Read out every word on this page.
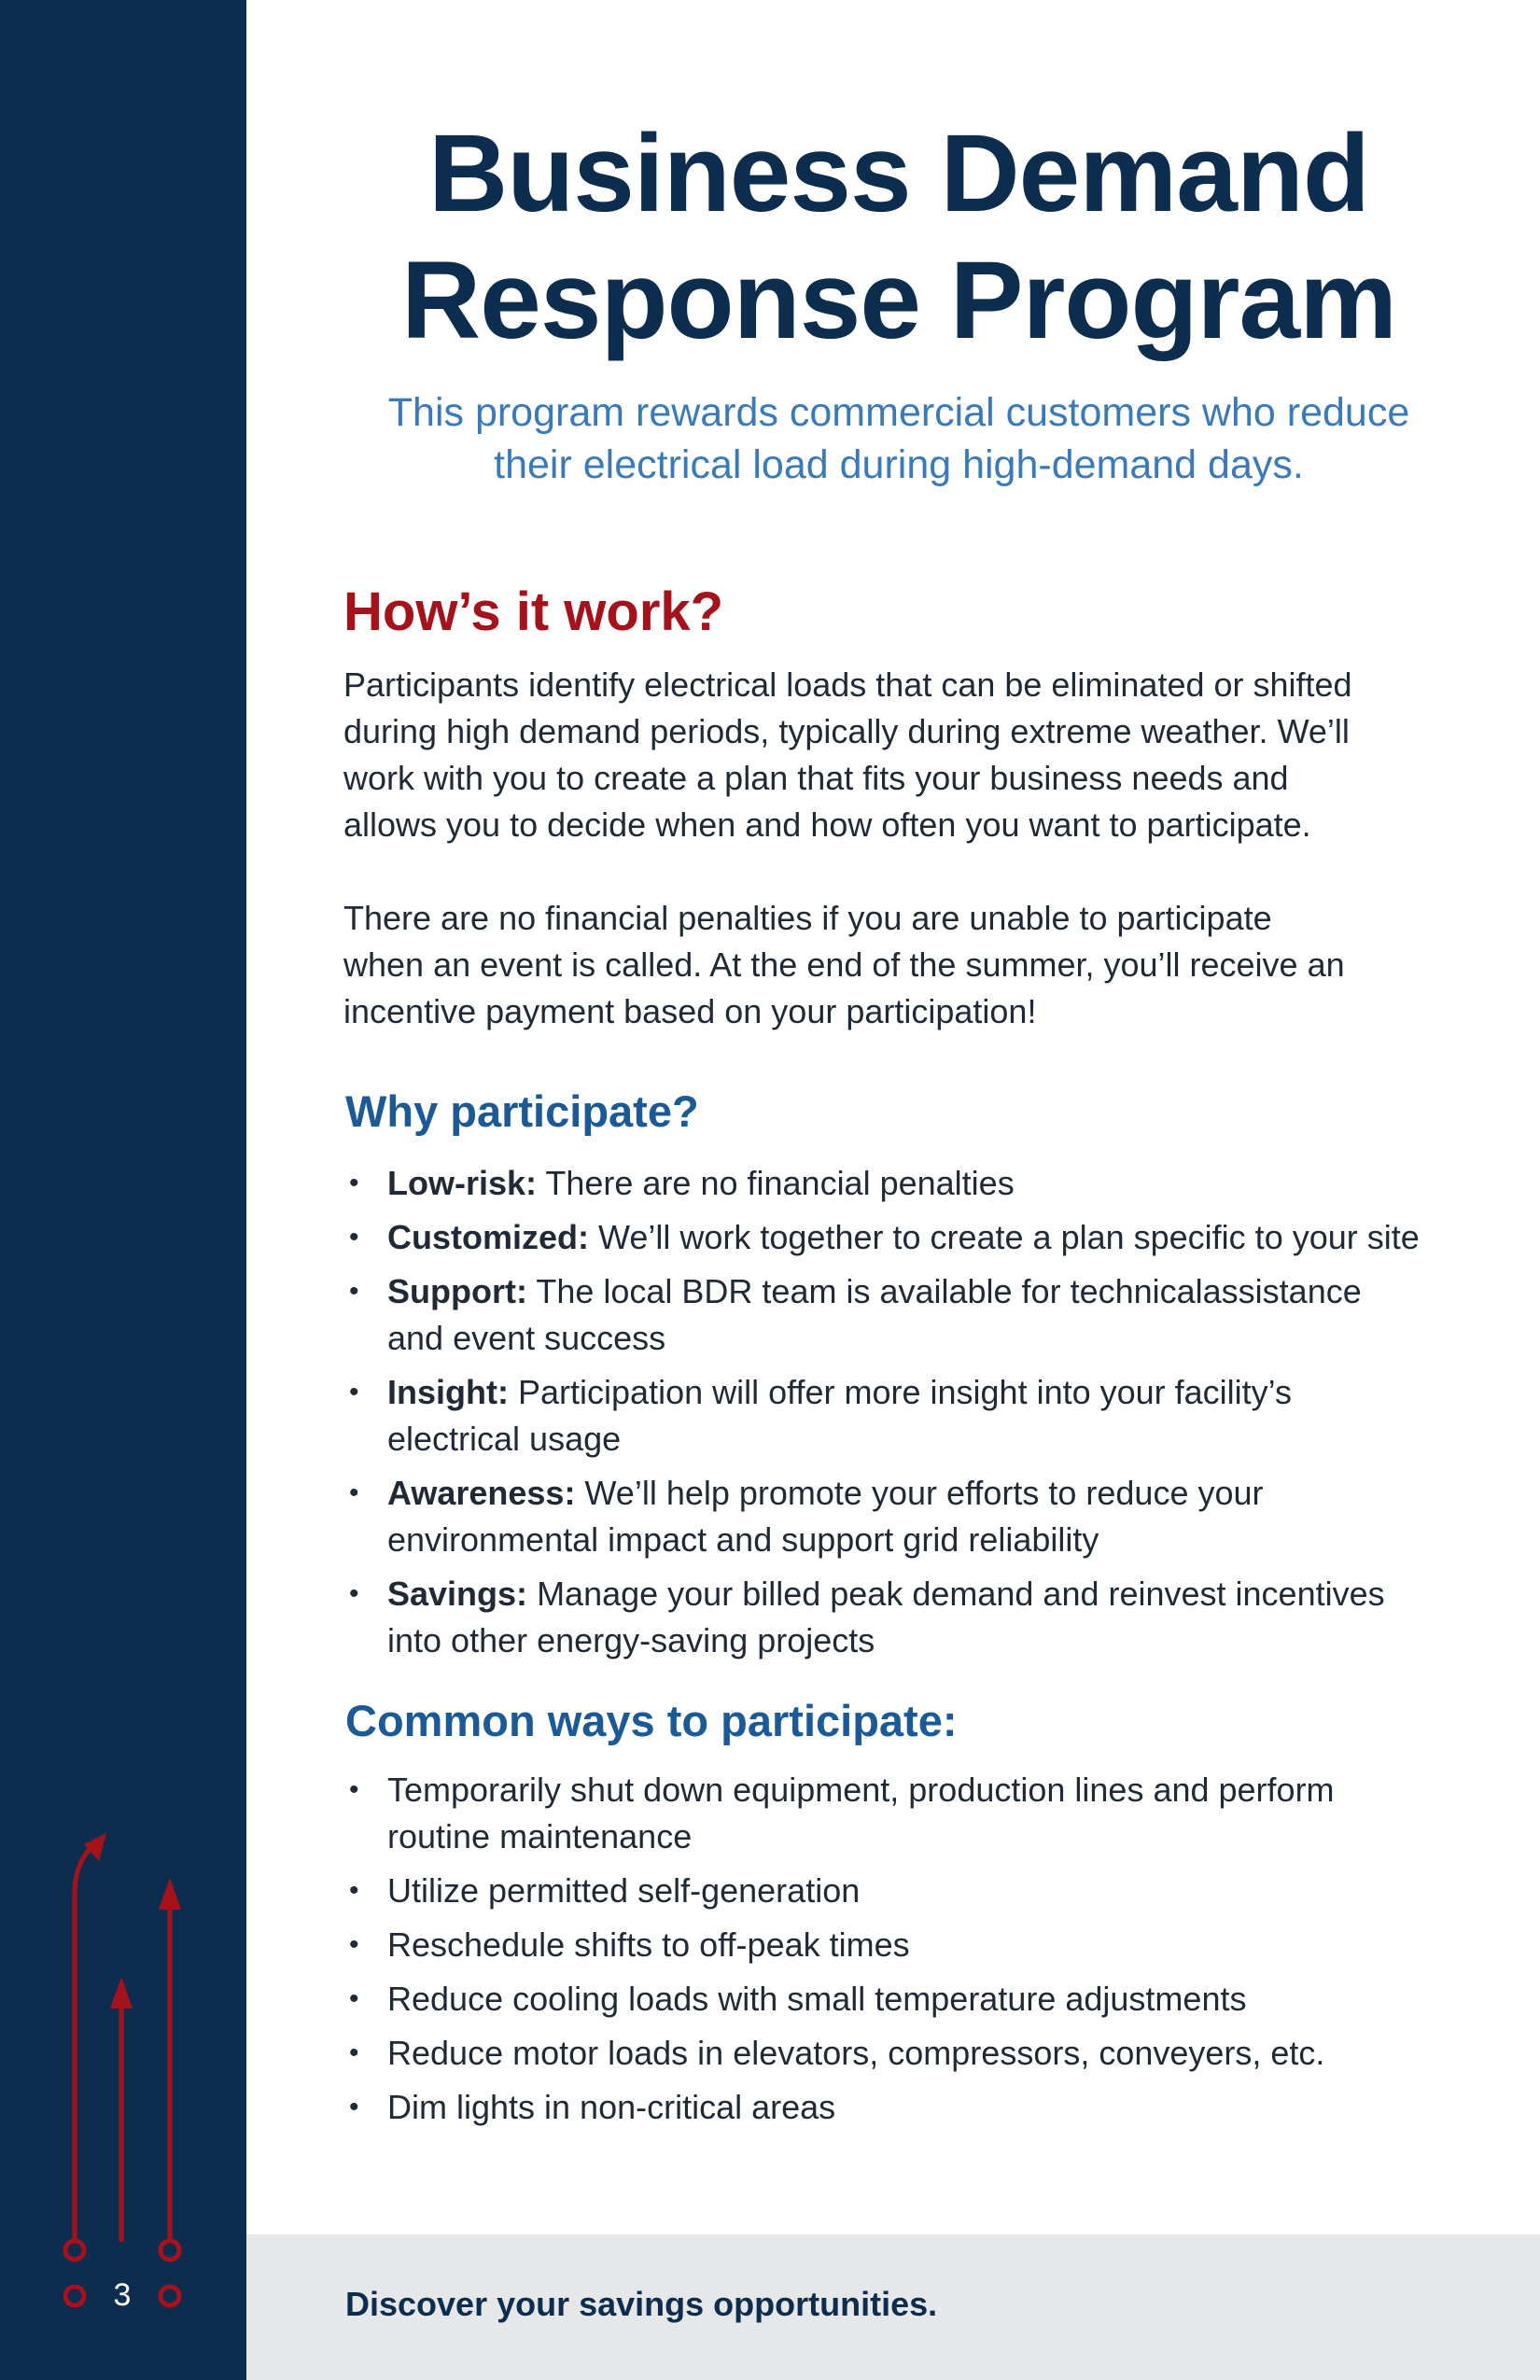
3	Discover your savings opportunities.
Business Demand
Response Program
This program rewards commercial customers who reduce
their electrical load during high-demand days.
How’s it work?

Participants identify electrical loads that can be eliminated or shifted
during high demand periods, typically during extreme weather. We’ll
work with you to create a plan that fits your business needs and
allows you to decide when and how often you want to participate.

There are no financial penalties if you are unable to participate
when an event is called. At the end of the summer, you’ll receive an
incentive payment based on your participation!

Why participate?
• Low-risk: There are no financial penalties
• Customized: We’ll work together to create a plan specific to your site
• Support: The local BDR team is available for technicalassistance
and event success
• Insight: Participation will offer more insight into your facility’s
electrical usage
• Awareness: We’ll help promote your efforts to reduce your
environmental impact and support grid reliability
• Savings: Manage your billed peak demand and reinvest incentives
into other energy-saving projects
Common ways to participate:
• Temporarily shut down equipment, production lines and perform
routine maintenance
• Utilize permitted self-generation
• Reschedule shifts to off-peak times
• Reduce cooling loads with small temperature adjustments
• Reduce motor loads in elevators, compressors, conveyers, etc.
• Dim lights in non-critical areas
